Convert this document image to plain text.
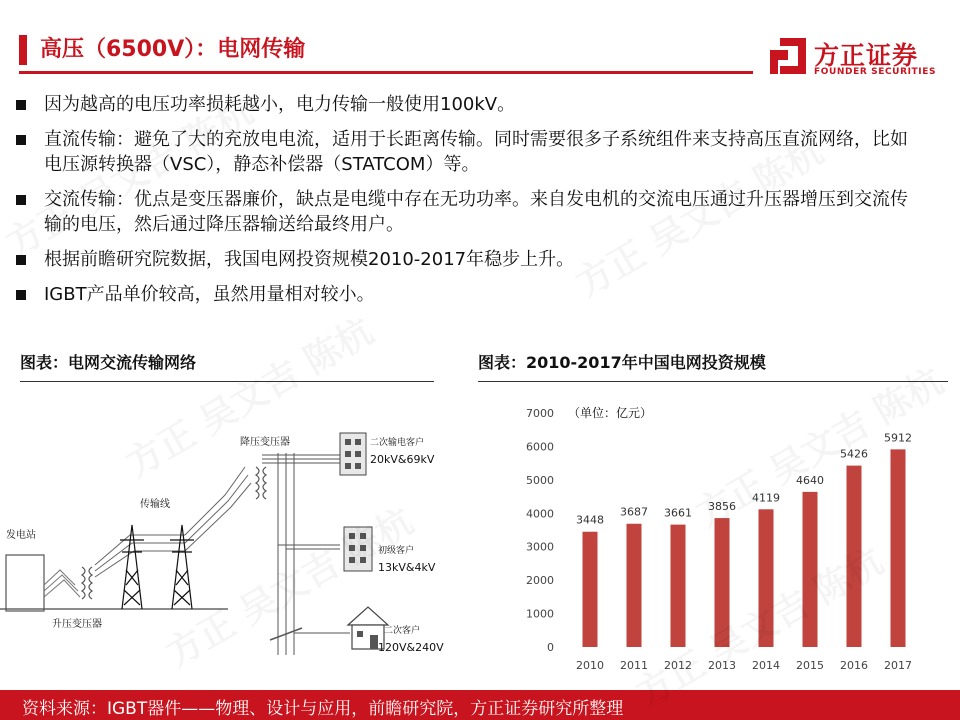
高压（6500V）：电网传输	方正证券
FOUNDER SECURITIES
因为越高的电压功率损耗越小，电力传输一般使用100kV。
直流传输：避免了大的充放电电流，适用于长距离传输。同时需要很多子系统组件来支持高压直流网络，比如电压源转换器（VSC），静态补偿器（STATCOM）等。
交流传输：优点是变压器廉价，缺点是电缆中存在无功功率。来自发电机的交流电压通过升压器增压到交流传输的电压，然后通过降压器输送给最终用户。
根据前瞻研究院数据，我国电网投资规模2010-2017年稳步上升。
IGBT产品单价较高，虽然用量相对较小。
图表：电网交流传输网络	图表：2010-2017年中国电网投资规模
发电站
升压变压器
传输线
降压变压器	二次输电客户
20kV&69kV
初级客户
13kV&4kV
二次客户
120V&240V
（单位：亿元）
0
1000
2000
3000
4000
5000
6000
7000
3448
3687 3661
3856
4119
4640
5426
5912
2010 2011 2012 2013 2014 2015 2016 2017
资料来源：IGBT器件——物理、设计与应用，前瞻研究院，方正证券研究所整理
